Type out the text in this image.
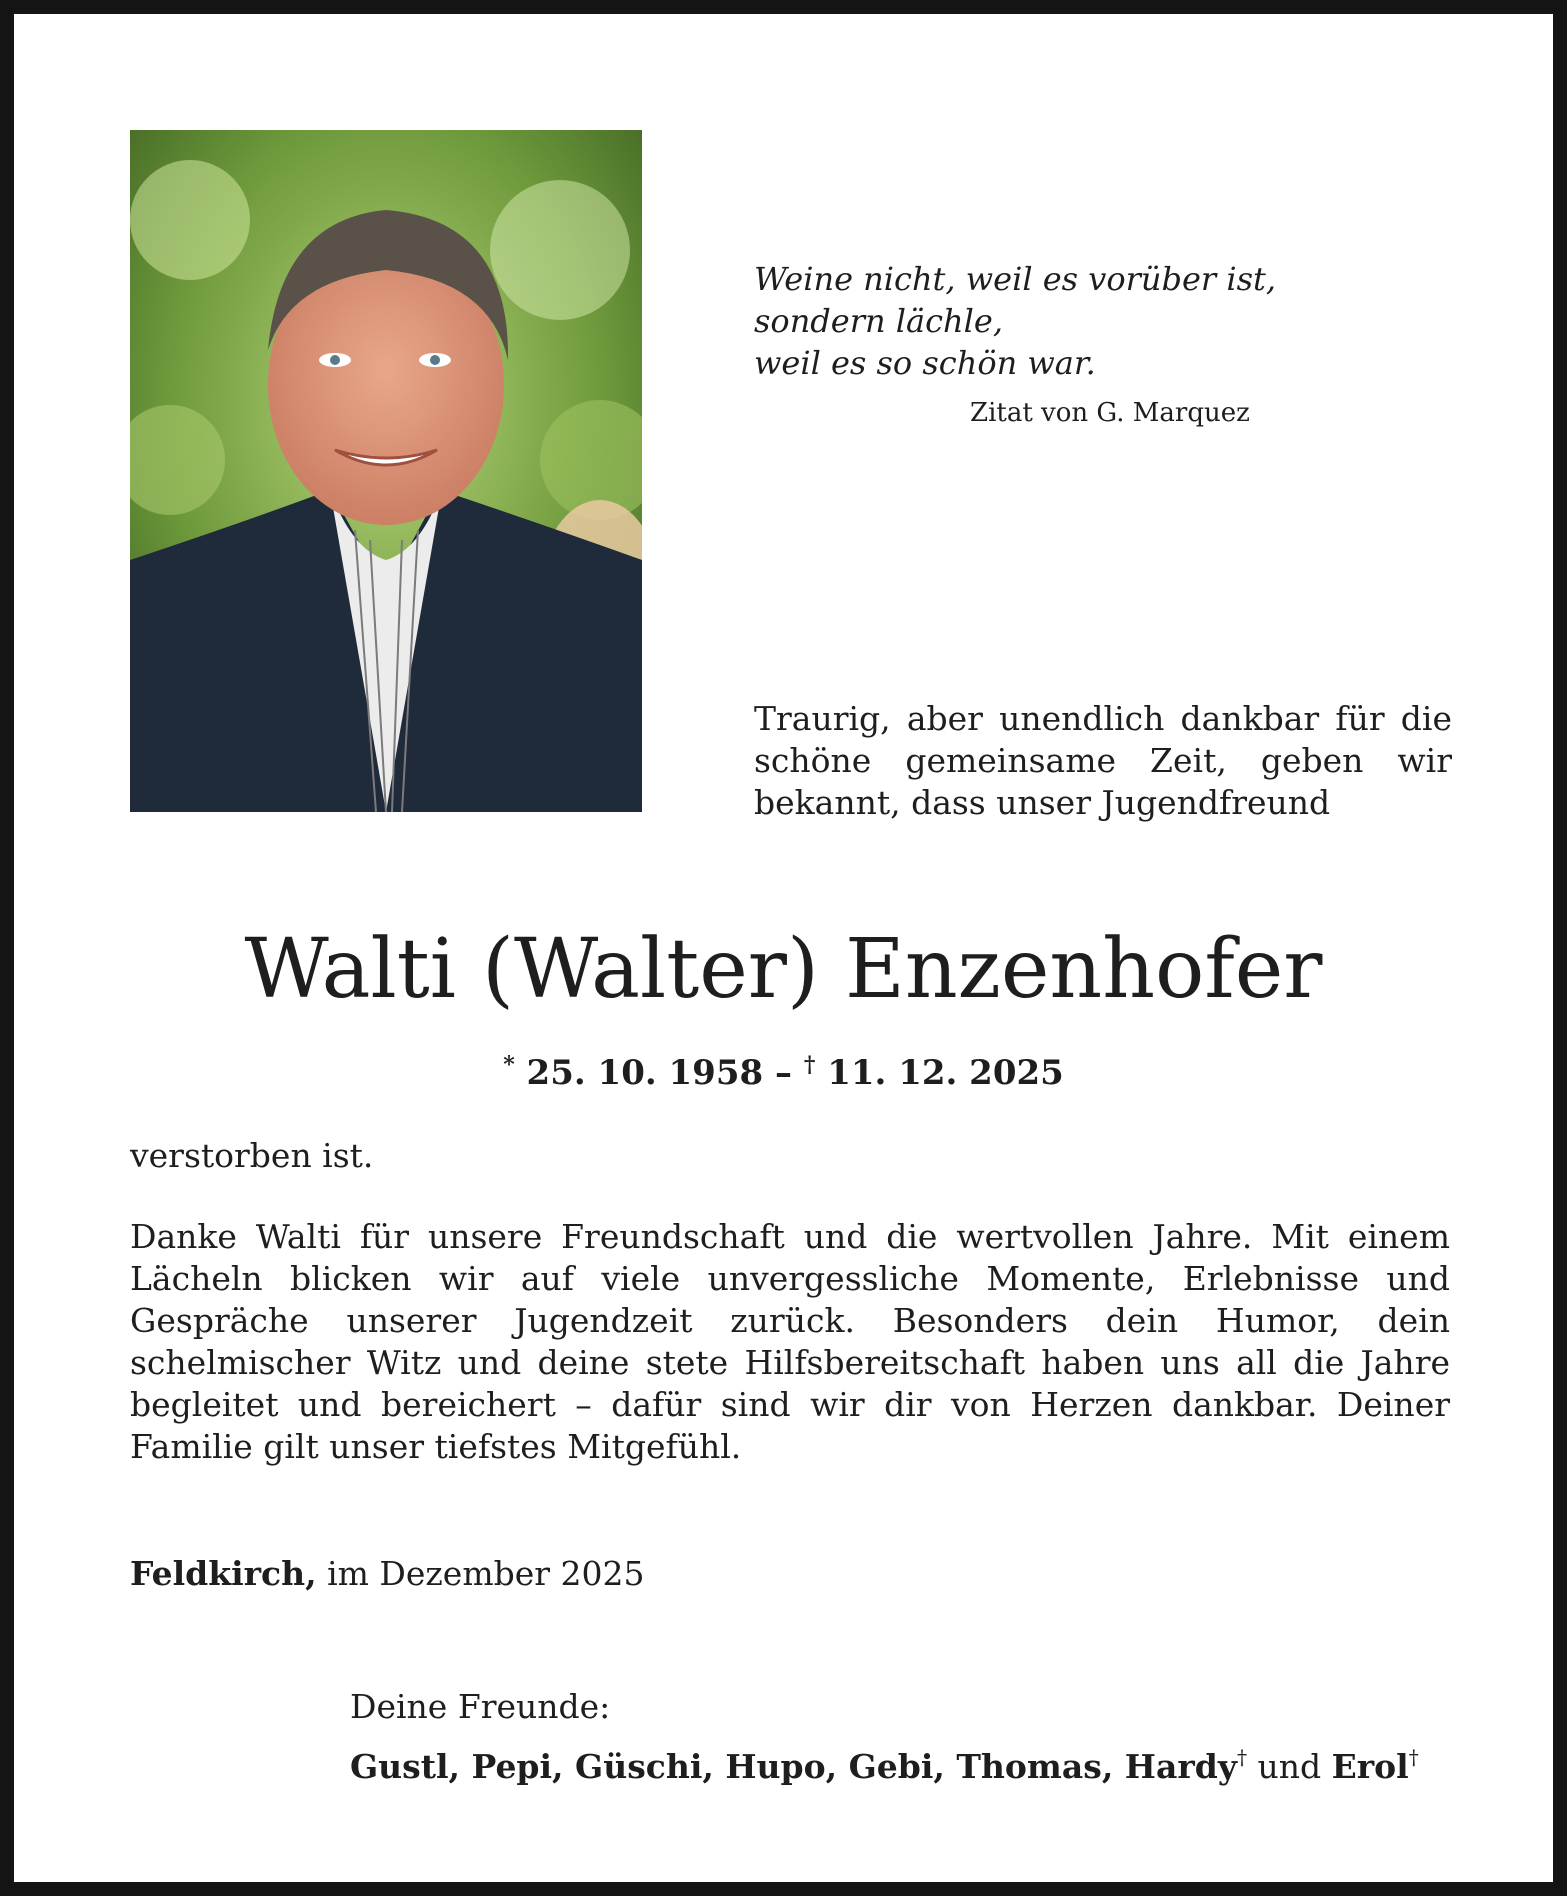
Weine nicht, weil es vorüber ist,
sondern lächle,
weil es so schön war.
Zitat von G. Marquez
Traurig, aber unendlich dankbar für die
schöne gemeinsame Zeit, geben wir
bekannt, dass unser Jugendfreund
Walti (Walter) Enzenhofer
* 25. 10. 1958 – † 11. 12. 2025
verstorben ist.
Danke Walti für unsere Freundschaft und die wertvollen Jahre. Mit einem
Lächeln blicken wir auf viele unvergessliche Momente, Erlebnisse und
Gespräche unserer Jugendzeit zurück. Besonders dein Humor, dein
schelmischer Witz und deine stete Hilfsbereitschaft haben uns all die Jahre
begleitet und bereichert – dafür sind wir dir von Herzen dankbar. Deiner
Familie gilt unser tiefstes Mitgefühl.
Feldkirch, im Dezember 2025
Deine Freunde:
Gustl, Pepi, Güschi, Hupo, Gebi, Thomas, Hardy† und Erol†
